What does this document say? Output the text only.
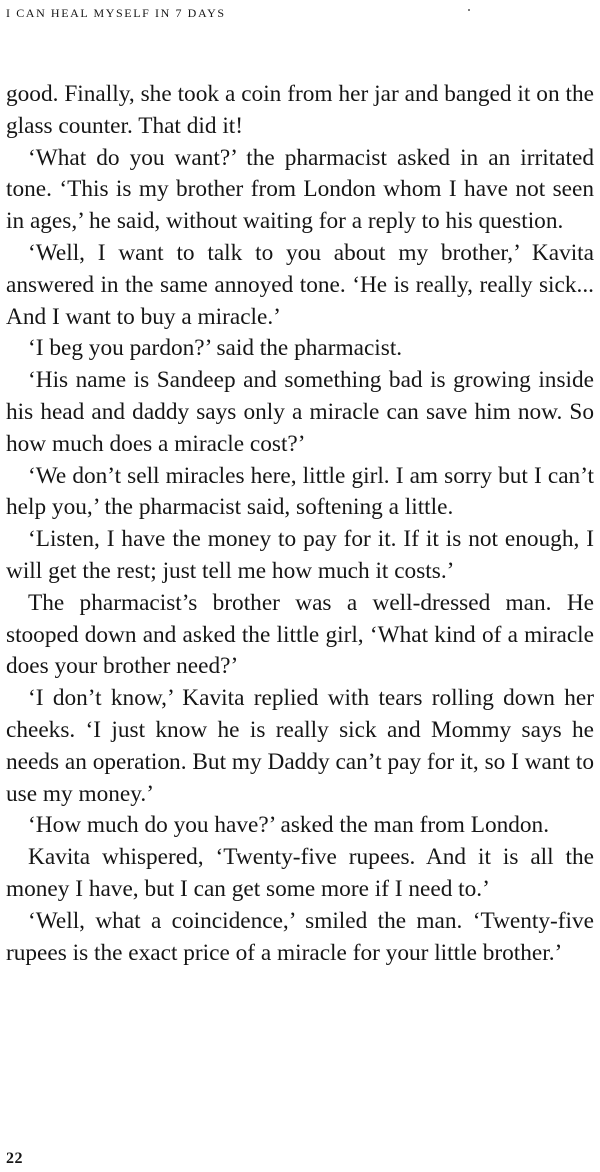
I CAN HEAL MYSELF IN 7 DAYS

good. Finally, she took a coin from her jar and banged it on the glass counter. That did it!

‘What do you want?’ the pharmacist asked in an irritated tone. ‘This is my brother from London whom I have not seen in ages,’ he said, without waiting for a reply to his question.

‘Well, I want to talk to you about my brother,’ Kavita answered in the same annoyed tone. ‘He is really, really sick... And I want to buy a miracle.’

‘I beg you pardon?’ said the pharmacist.

‘His name is Sandeep and something bad is growing inside his head and daddy says only a miracle can save him now. So how much does a miracle cost?’

‘We don’t sell miracles here, little girl. I am sorry but I can’t help you,’ the pharmacist said, softening a little.

‘Listen, I have the money to pay for it. If it is not enough, I will get the rest; just tell me how much it costs.’

The pharmacist’s brother was a well-dressed man. He stooped down and asked the little girl, ‘What kind of a miracle does your brother need?’

‘I don’t know,’ Kavita replied with tears rolling down her cheeks. ‘I just know he is really sick and Mommy says he needs an operation. But my Daddy can’t pay for it, so I want to use my money.’

‘How much do you have?’ asked the man from London.

Kavita whispered, ‘Twenty-five rupees. And it is all the money I have, but I can get some more if I need to.’

‘Well, what a coincidence,’ smiled the man. ‘Twenty-five rupees is the exact price of a miracle for your little brother.’

22
